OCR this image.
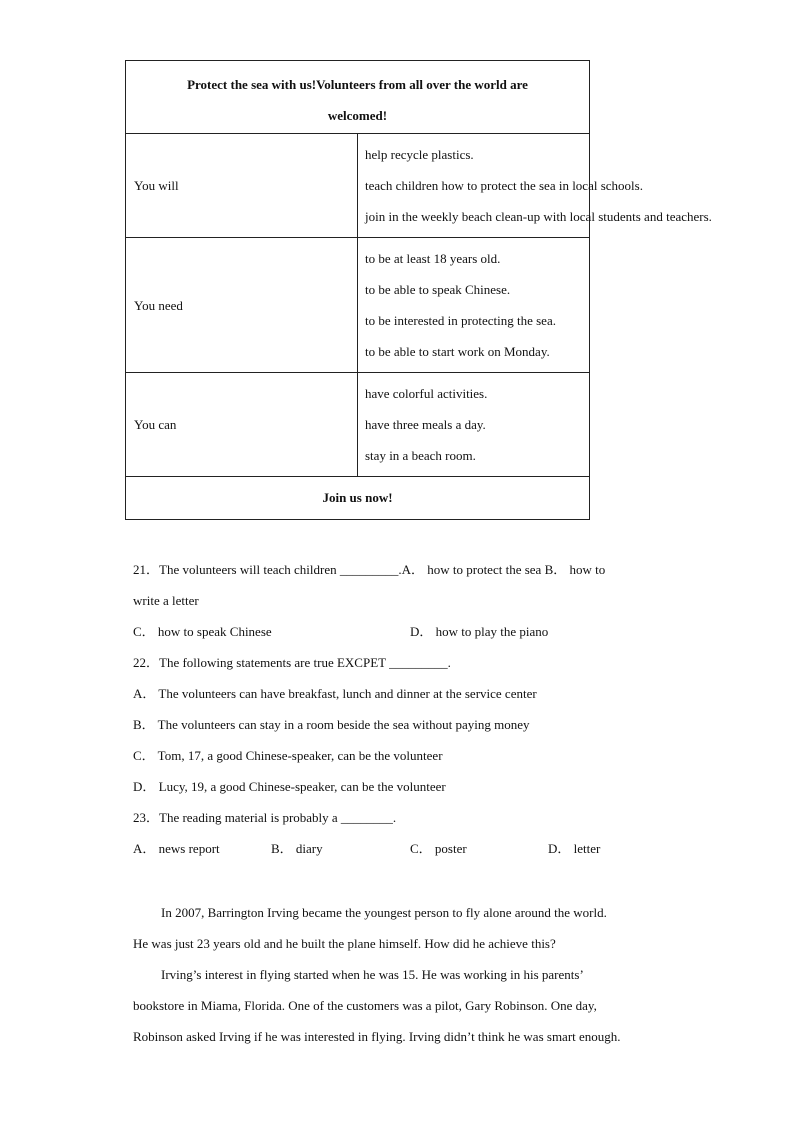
Protect the sea with us!Volunteers from all over the world are
welcomed!	

You will	help recycle plastics.
teach children how to protect the sea in local schools.
join in the weekly beach clean-up with local students and teachers.

You need	to be at least 18 years old.
to be able to speak Chinese.
to be interested in protecting the sea.
to be able to start work on Monday.

You can	have colorful activities.
have three meals a day.
stay in a beach room.

Join us now!	
21．The volunteers will teach children _________.A． how to protect the sea B． how to
write a letter
C． how to speak Chinese	D． how to play the piano
22．The following statements are true EXCPET _________.
A． The volunteers can have breakfast, lunch and dinner at the service center
B． The volunteers can stay in a room beside the sea without paying money
C． Tom, 17, a good Chinese-speaker, can be the volunteer
D． Lucy, 19, a good Chinese-speaker, can be the volunteer
23．The reading material is probably a ________.
A． news report	B． diary	C． poster	D． letter
In 2007, Barrington Irving became the youngest person to fly alone around the world.
He was just 23 years old and he built the plane himself. How did he achieve this?
Irving’s interest in flying started when he was 15. He was working in his parents’
bookstore in Miama, Florida. One of the customers was a pilot, Gary Robinson. One day,
Robinson asked Irving if he was interested in flying. Irving didn’t think he was smart enough.
